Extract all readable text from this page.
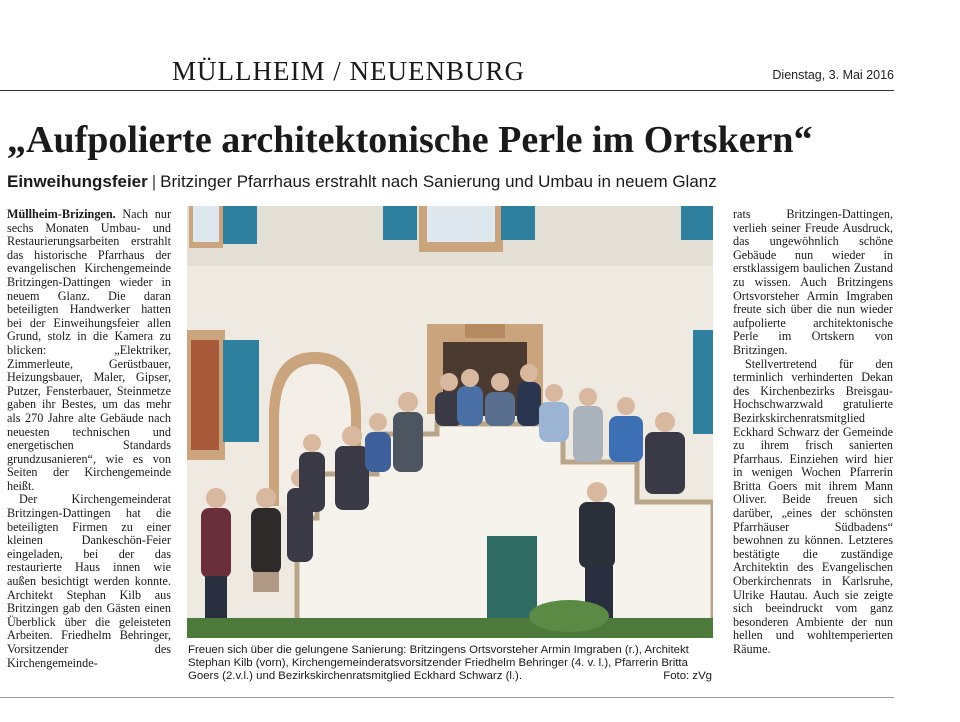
MÜLLHEIM / NEUENBURG	Dienstag, 3. Mai 2016
„Aufpolierte architektonische Perle im Ortskern“
Einweihungsfeier | Britzinger Pfarrhaus erstrahlt nach Sanierung und Umbau in neuem Glanz

Müllheim-Brizingen. Nach nur sechs Monaten Umbau- und Restaurierungsarbeiten erstrahlt das historische Pfarrhaus der evangelischen Kirchengemeinde Britzingen-Dattingen wieder in neuem Glanz. Die daran beteiligten Handwerker hatten bei der Einweihungsfeier allen Grund, stolz in die Kamera zu blicken: „Elektriker, Zimmerleute, Gerüstbauer, Heizungsbauer, Maler, Gipser, Putzer, Fensterbauer, Steinmetze gaben ihr Bestes, um das mehr als 270 Jahre alte Gebäude nach neuesten technischen und energetischen Standards grundzusanieren“, wie es von Seiten der Kirchengemeinde heißt.

Der Kirchengemeinderat Britzingen-Dattingen hat die beteiligten Firmen zu einer kleinen Dankeschön-Feier eingeladen, bei der das restaurierte Haus innen wie außen besichtigt werden konnte. Architekt Stephan Kilb aus Britzingen gab den Gästen einen Überblick über die geleisteten Arbeiten. Friedhelm Behringer, Vorsitzender des Kirchengemeinde-

Freuen sich über die gelungene Sanierung: Britzingens Ortsvorsteher Armin Imgraben (r.), Architekt Stephan Kilb (vorn), Kirchengemeinderatsvorsitzender Friedhelm Behringer (4. v. l.), Pfarrerin Britta Goers (2.v.l.) und Bezirkskirchenratsmitglied Eckhard Schwarz (l.).	Foto: zVg

rats Britzingen-Dattingen, verlieh seiner Freude Ausdruck, das ungewöhnlich schöne Gebäude nun wieder in erstklassigem baulichen Zustand zu wissen. Auch Britzingens Ortsvorsteher Armin Imgraben freute sich über die nun wieder aufpolierte architektonische Perle im Ortskern von Britzingen.

Stellvertretend für den terminlich verhinderten Dekan des Kirchenbezirks Breisgau-Hochschwarzwald gratulierte Bezirkskirchenratsmitglied Eckhard Schwarz der Gemeinde zu ihrem frisch sanierten Pfarrhaus. Einziehen wird hier in wenigen Wochen Pfarrerin Britta Goers mit ihrem Mann Oliver. Beide freuen sich darüber, „eines der schönsten Pfarrhäuser Südbadens“ bewohnen zu können. Letzteres bestätigte die zuständige Architektin des Evangelischen Oberkirchenrats in Karlsruhe, Ulrike Hautau. Auch sie zeigte sich beeindruckt vom ganz besonderen Ambiente der nun hellen und wohltemperierten Räume.
